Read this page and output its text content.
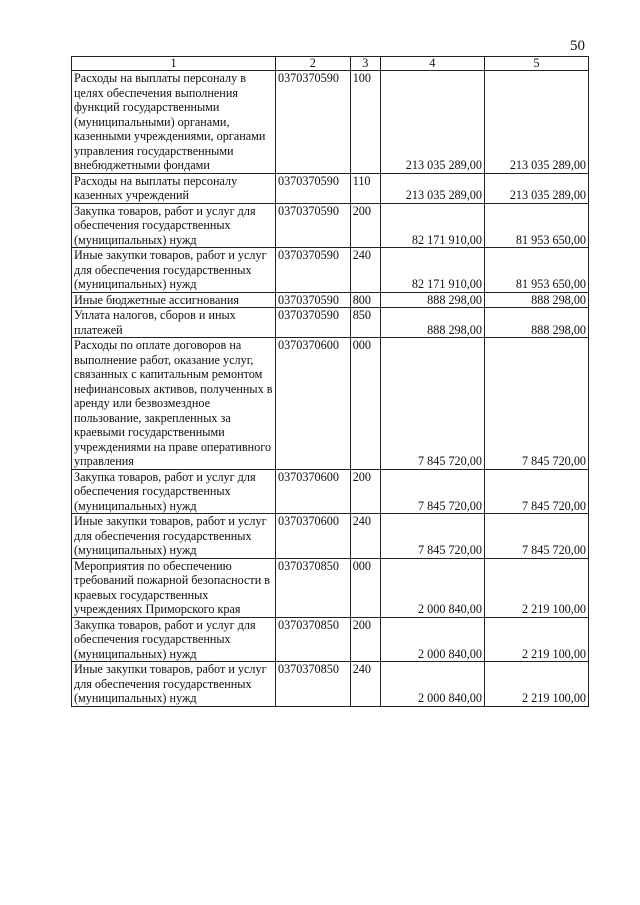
50
1	2	3	4	5
Расходы на выплаты персоналу в целях обеспечения выполнения функций государственными (муниципальными) органами, казенными учреждениями, органами управления государственными внебюджетными фондами	0370370590	100	213 035 289,00	213 035 289,00
Расходы на выплаты персоналу казенных учреждений	0370370590	110	213 035 289,00	213 035 289,00
Закупка товаров, работ и услуг для обеспечения государственных (муниципальных) нужд	0370370590	200	82 171 910,00	81 953 650,00
Иные закупки товаров, работ и услуг для обеспечения государственных (муниципальных) нужд	0370370590	240	82 171 910,00	81 953 650,00
Иные бюджетные ассигнования	0370370590	800	888 298,00	888 298,00
Уплата налогов, сборов и иных платежей	0370370590	850	888 298,00	888 298,00
Расходы по оплате договоров на выполнение работ, оказание услуг, связанных с капитальным ремонтом нефинансовых активов, полученных в аренду или безвозмездное пользование, закрепленных за краевыми государственными учреждениями на праве оперативного управления	0370370600	000	7 845 720,00	7 845 720,00
Закупка товаров, работ и услуг для обеспечения государственных (муниципальных) нужд	0370370600	200	7 845 720,00	7 845 720,00
Иные закупки товаров, работ и услуг для обеспечения государственных (муниципальных) нужд	0370370600	240	7 845 720,00	7 845 720,00
Мероприятия по обеспечению требований пожарной безопасности в краевых государственных учреждениях Приморского края	0370370850	000	2 000 840,00	2 219 100,00
Закупка товаров, работ и услуг для обеспечения государственных (муниципальных) нужд	0370370850	200	2 000 840,00	2 219 100,00
Иные закупки товаров, работ и услуг для обеспечения государственных (муниципальных) нужд	0370370850	240	2 000 840,00	2 219 100,00
